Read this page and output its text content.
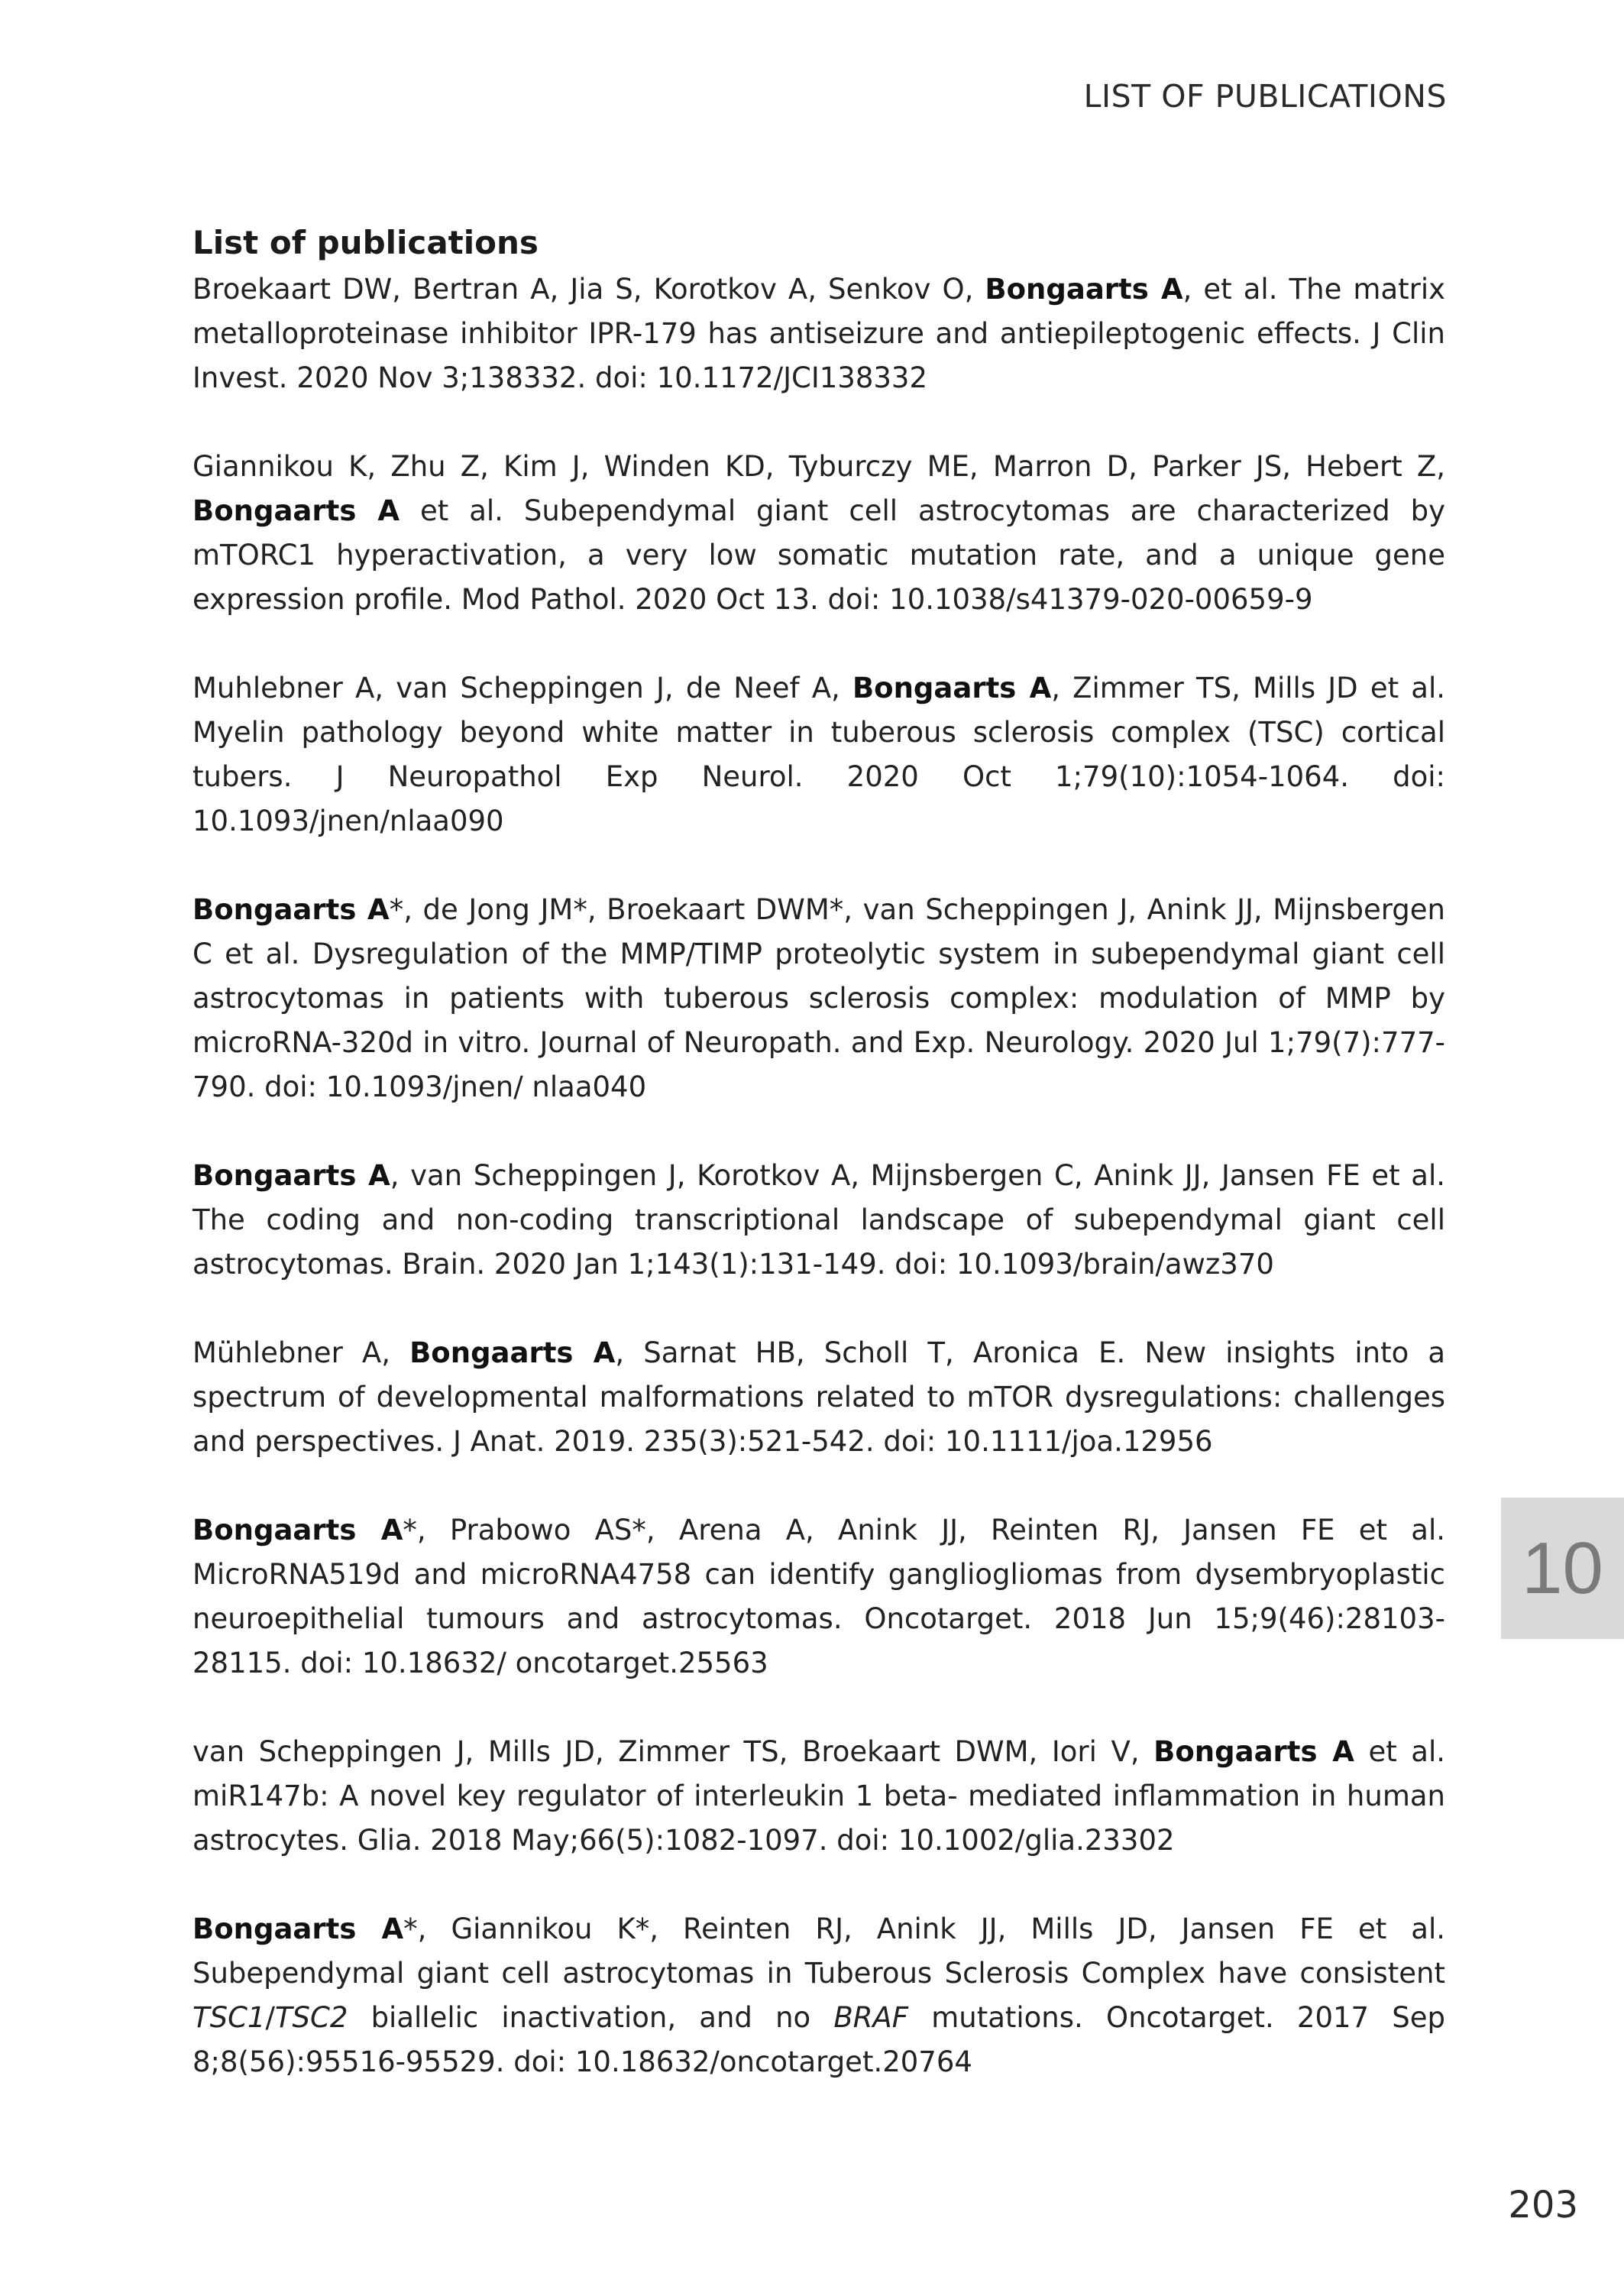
LIST OF PUBLICATIONS
List of publications

Broekaart DW, Bertran A, Jia S, Korotkov A, Senkov O, Bongaarts A, et al. The matrix metalloproteinase inhibitor IPR-179 has antiseizure and antiepileptogenic effects. J Clin Invest. 2020 Nov 3;138332. doi: 10.1172/JCI138332

Giannikou K, Zhu Z, Kim J, Winden KD, Tyburczy ME, Marron D, Parker JS, Hebert Z, Bongaarts A et al. Subependymal giant cell astrocytomas are characterized by mTORC1 hyperactivation, a very low somatic mutation rate, and a unique gene expression profile. Mod Pathol. 2020 Oct 13. doi: 10.1038/s41379-020-00659-9

Muhlebner A, van Scheppingen J, de Neef A, Bongaarts A, Zimmer TS, Mills JD et al. Myelin pathology beyond white matter in tuberous sclerosis complex (TSC) cortical tubers. J Neuropathol Exp Neurol. 2020 Oct 1;79(10):1054-1064. doi: 10.1093/jnen/nlaa090

Bongaarts A*, de Jong JM*, Broekaart DWM*, van Scheppingen J, Anink JJ, Mijnsbergen C et al. Dysregulation of the MMP/TIMP proteolytic system in subependymal giant cell astrocytomas in patients with tuberous sclerosis complex: modulation of MMP by microRNA-320d in vitro. Journal of Neuropath. and Exp. Neurology. 2020 Jul 1;79(7):777-790. doi: 10.1093/jnen/ nlaa040

Bongaarts A, van Scheppingen J, Korotkov A, Mijnsbergen C, Anink JJ, Jansen FE et al. The coding and non-coding transcriptional landscape of subependymal giant cell astrocytomas. Brain. 2020 Jan 1;143(1):131-149. doi: 10.1093/brain/awz370

Mühlebner A, Bongaarts A, Sarnat HB, Scholl T, Aronica E. New insights into a spectrum of developmental malformations related to mTOR dysregulations: challenges and perspectives. J Anat. 2019. 235(3):521-542. doi: 10.1111/joa.12956

Bongaarts A*, Prabowo AS*, Arena A, Anink JJ, Reinten RJ, Jansen FE et al. MicroRNA519d and microRNA4758 can identify gangliogliomas from dysembryoplastic neuroepithelial tumours and astrocytomas. Oncotarget. 2018 Jun 15;9(46):28103-28115. doi: 10.18632/ oncotarget.25563

van Scheppingen J, Mills JD, Zimmer TS, Broekaart DWM, Iori V, Bongaarts A et al. miR147b: A novel key regulator of interleukin 1 beta- mediated inflammation in human astrocytes. Glia. 2018 May;66(5):1082-1097. doi: 10.1002/glia.23302

Bongaarts A*, Giannikou K*, Reinten RJ, Anink JJ, Mills JD, Jansen FE et al. Subependymal giant cell astrocytomas in Tuberous Sclerosis Complex have consistent TSC1/TSC2 biallelic inactivation, and no BRAF mutations. Oncotarget. 2017 Sep 8;8(56):95516-95529. doi: 10.18632/oncotarget.20764

10
203
